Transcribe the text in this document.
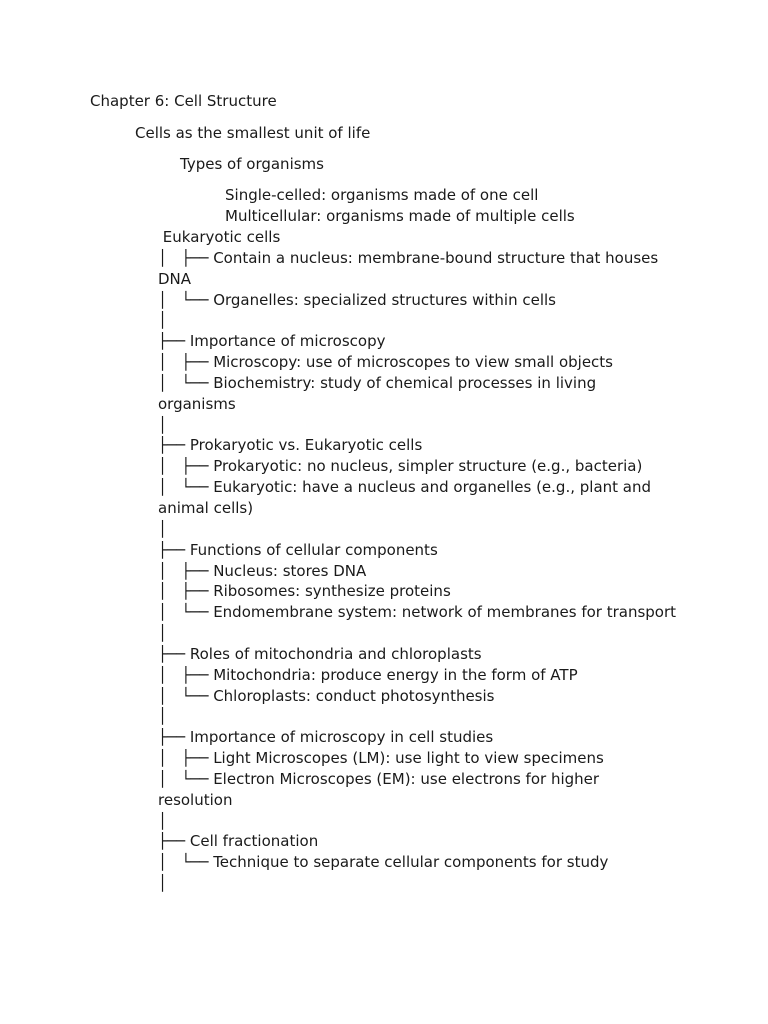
Chapter 6: Cell Structure
Cells as the smallest unit of life
Types of organisms
Single-celled: organisms made of one cell
Multicellular: organisms made of multiple cells
Eukaryotic cells
│   ├── Contain a nucleus: membrane-bound structure that houses DNA
│   └── Organelles: specialized structures within cells
│
├── Importance of microscopy
│   ├── Microscopy: use of microscopes to view small objects
│   └── Biochemistry: study of chemical processes in living organisms
│
├── Prokaryotic vs. Eukaryotic cells
│   ├── Prokaryotic: no nucleus, simpler structure (e.g., bacteria)
│   └── Eukaryotic: have a nucleus and organelles (e.g., plant and animal cells)
│
├── Functions of cellular components
│   ├── Nucleus: stores DNA
│   ├── Ribosomes: synthesize proteins
│   └── Endomembrane system: network of membranes for transport
│
├── Roles of mitochondria and chloroplasts
│   ├── Mitochondria: produce energy in the form of ATP
│   └── Chloroplasts: conduct photosynthesis
│
├── Importance of microscopy in cell studies
│   ├── Light Microscopes (LM): use light to view specimens
│   └── Electron Microscopes (EM): use electrons for higher resolution
│
├── Cell fractionation
│   └── Technique to separate cellular components for study
│
